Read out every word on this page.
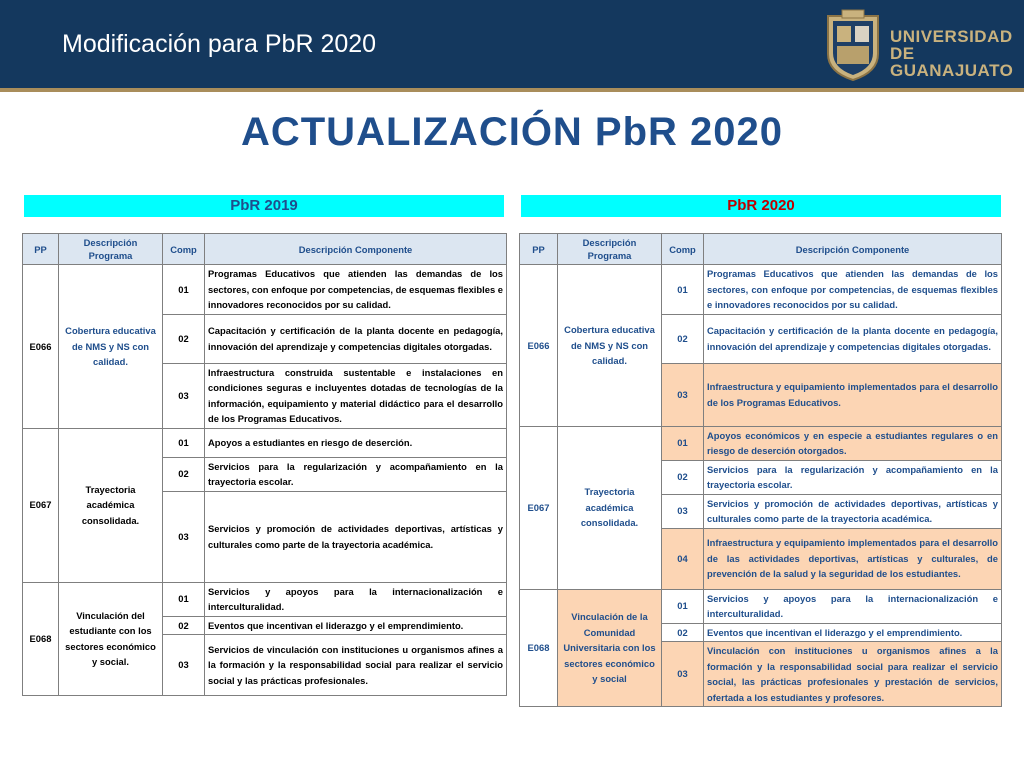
Modificación para PbR 2020	UNIVERSIDAD DE
GUANAJUATO
ACTUALIZACIÓN PbR 2020
PbR 2019	PbR 2020
PP	Descripción Programa	Comp	Descripción Componente
E066	Cobertura educativa de NMS y NS con calidad.	01	Programas Educativos que atienden las demandas de los sectores, con enfoque por competencias, de esquemas flexibles e innovadores reconocidos por su calidad.
		02	Capacitación y certificación de la planta docente en pedagogía, innovación del aprendizaje y competencias digitales otorgadas.
		03	Infraestructura construida sustentable e instalaciones en condiciones seguras e incluyentes dotadas de tecnologías de la información, equipamiento y material didáctico para el desarrollo de los Programas Educativos.
E067	Trayectoria académica consolidada.	01	Apoyos a estudiantes en riesgo de deserción.
		02	Servicios para la regularización y acompañamiento en la trayectoria escolar.
		03	Servicios y promoción de actividades deportivas, artísticas y culturales como parte de la trayectoria académica.
E068	Vinculación del estudiante con los sectores económico y social.	01	Servicios y apoyos para la internacionalización e interculturalidad.
		02	Eventos que incentivan el liderazgo y el emprendimiento.
		03	Servicios de vinculación con instituciones u organismos afines a la formación y la responsabilidad social para realizar el servicio social y las prácticas profesionales.
PP	Descripción Programa	Comp	Descripción Componente
E066	Cobertura educativa de NMS y NS con calidad.	01	Programas Educativos que atienden las demandas de los sectores, con enfoque por competencias, de esquemas flexibles e innovadores reconocidos por su calidad.
		02	Capacitación y certificación de la planta docente en pedagogía, innovación del aprendizaje y competencias digitales otorgadas.
		03	Infraestructura y equipamiento implementados para el desarrollo de los Programas Educativos.
E067	Trayectoria académica consolidada.	01	Apoyos económicos y en especie a estudiantes regulares o en riesgo de deserción otorgados.
		02	Servicios para la regularización y acompañamiento en la trayectoria escolar.
		03	Servicios y promoción de actividades deportivas, artísticas y culturales como parte de la trayectoria académica.
		04	Infraestructura y equipamiento implementados para el desarrollo de las actividades deportivas, artísticas y culturales, de prevención de la salud y la seguridad de los estudiantes.
E068	Vinculación de la Comunidad Universitaria con los sectores económico y social	01	Servicios y apoyos para la internacionalización e interculturalidad.
		02	Eventos que incentivan el liderazgo y el emprendimiento.
		03	Vinculación con instituciones u organismos afines a la formación y la responsabilidad social para realizar el servicio social, las prácticas profesionales y prestación de servicios, ofertada a los estudiantes y profesores.
